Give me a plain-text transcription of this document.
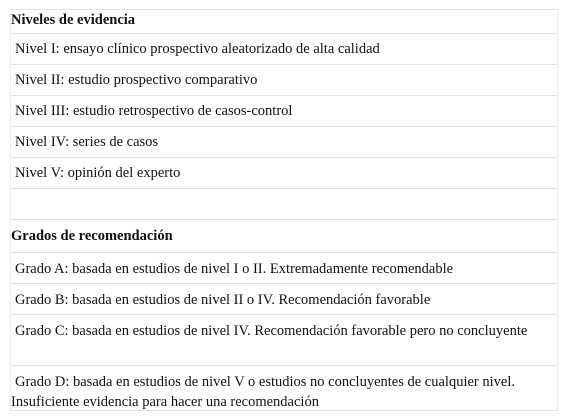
Niveles de evidencia
Nivel I: ensayo clínico prospectivo aleatorizado de alta calidad
Nivel II: estudio prospectivo comparativo
Nivel III: estudio retrospectivo de casos-control
Nivel IV: series de casos
Nivel V: opinión del experto
Grados de recomendación
Grado A: basada en estudios de nivel I o II. Extremadamente recomendable
Grado B: basada en estudios de nivel II o IV. Recomendación favorable
Grado C: basada en estudios de nivel IV. Recomendación favorable pero no concluyente
Grado D: basada en estudios de nivel V o estudios no concluyentes de cualquier nivel. Insuficiente evidencia para hacer una recomendación
